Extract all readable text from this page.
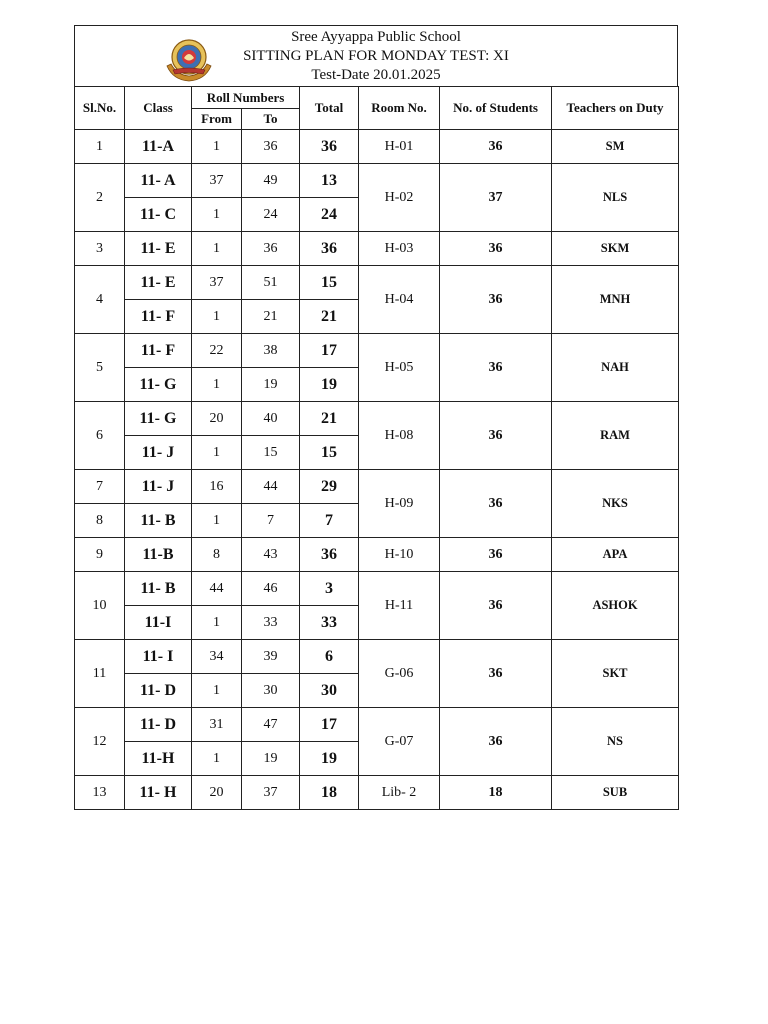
Sree Ayyappa Public School
SITTING PLAN FOR MONDAY TEST: XI
Test-Date 20.01.2025
Sl.No.	Class	Roll Numbers		Total	Room No.	No. of Students	Teachers on Duty
		From	To				
1	11-A	1	36	36	H-01	36	SM
2	11- A	37	49	13	H-02	37	NLS
	11- C	1	24	24			
3	11- E	1	36	36	H-03	36	SKM
4	11- E	37	51	15	H-04	36	MNH
	11- F	1	21	21			
5	11- F	22	38	17	H-05	36	NAH
	11- G	1	19	19			
6	11- G	20	40	21	H-08	36	RAM
	11- J	1	15	15			
7	11- J	16	44	29	H-09	36	NKS
8	11- B	1	7	7			
9	11-B	8	43	36	H-10	36	APA
10	11- B	44	46	3	H-11	36	ASHOK
	11-I	1	33	33			
11	11- I	34	39	6	G-06	36	SKT
	11- D	1	30	30			
12	11- D	31	47	17	G-07	36	NS
	11-H	1	19	19			
13	11- H	20	37	18	Lib- 2	18	SUB
